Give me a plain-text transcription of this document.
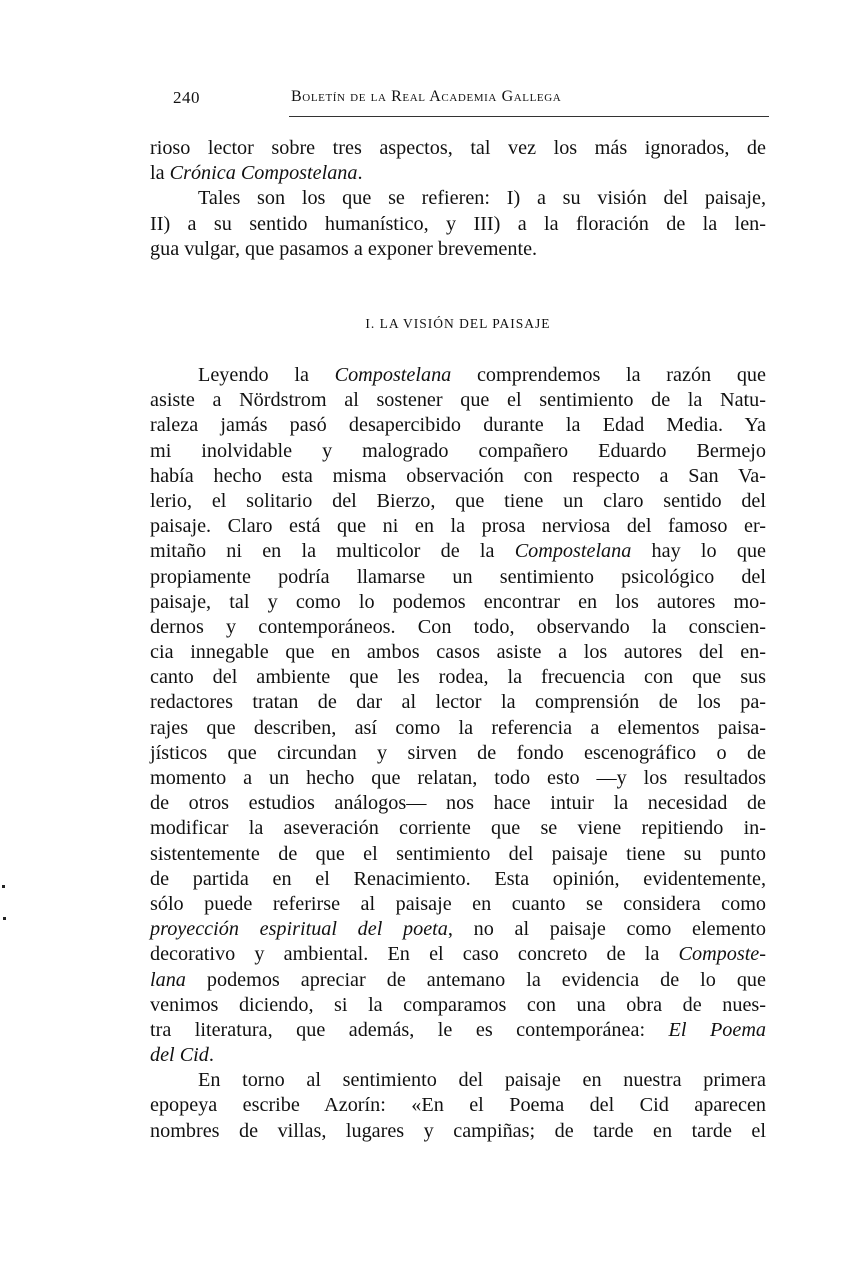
240	Boletín de la Real Academia Gallega
rioso lector sobre tres aspectos, tal vez los más ignorados, de
la Crónica Compostelana.
Tales son los que se refieren: I) a su visión del paisaje,
II) a su sentido humanístico, y III) a la floración de la len-
gua vulgar, que pasamos a exponer brevemente.
I. LA VISIÓN DEL PAISAJE
Leyendo la Compostelana comprendemos la razón que
asiste a Nördstrom al sostener que el sentimiento de la Natu-
raleza jamás pasó desapercibido durante la Edad Media. Ya
mi inolvidable y malogrado compañero Eduardo Bermejo
había hecho esta misma observación con respecto a San Va-
lerio, el solitario del Bierzo, que tiene un claro sentido del
paisaje. Claro está que ni en la prosa nerviosa del famoso er-
mitaño ni en la multicolor de la Compostelana hay lo que
propiamente podría llamarse un sentimiento psicológico del
paisaje, tal y como lo podemos encontrar en los autores mo-
dernos y contemporáneos. Con todo, observando la conscien-
cia innegable que en ambos casos asiste a los autores del en-
canto del ambiente que les rodea, la frecuencia con que sus
redactores tratan de dar al lector la comprensión de los pa-
rajes que describen, así como la referencia a elementos paisa-
jísticos que circundan y sirven de fondo escenográfico o de
momento a un hecho que relatan, todo esto —y los resultados
de otros estudios análogos— nos hace intuir la necesidad de
modificar la aseveración corriente que se viene repitiendo in-
sistentemente de que el sentimiento del paisaje tiene su punto
de partida en el Renacimiento. Esta opinión, evidentemente,
sólo puede referirse al paisaje en cuanto se considera como
proyección espiritual del poeta, no al paisaje como elemento
decorativo y ambiental. En el caso concreto de la Composte-
lana podemos apreciar de antemano la evidencia de lo que
venimos diciendo, si la comparamos con una obra de nues-
tra literatura, que además, le es contemporánea: El Poema
del Cid.
En torno al sentimiento del paisaje en nuestra primera
epopeya escribe Azorín: «En el Poema del Cid aparecen
nombres de villas, lugares y campiñas; de tarde en tarde el
